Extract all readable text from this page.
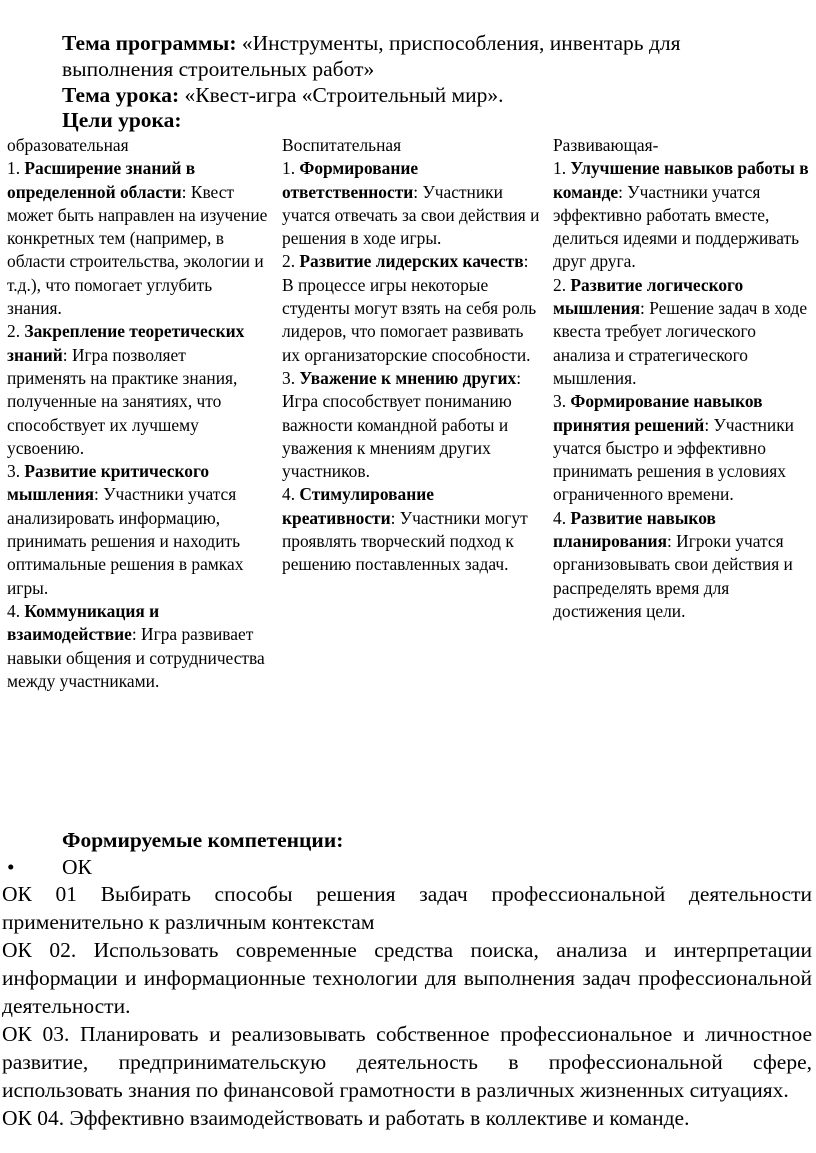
Тема программы: «Инструменты, приспособления, инвентарь для выполнения строительных работ»

Тема урока: «Квест-игра «Строительный мир».

Цели урока:
образовательная
1. Расширение знаний в определенной области: Квест может быть направлен на изучение конкретных тем (например, в области строительства, экологии и т.д.), что помогает углубить знания.
2. Закрепление теоретических знаний: Игра позволяет применять на практике знания, полученные на занятиях, что способствует их лучшему усвоению.
3. Развитие критического мышления: Участники учатся анализировать информацию, принимать решения и находить оптимальные решения в рамках игры.
4. Коммуникация и взаимодействие: Игра развивает навыки общения и сотрудничества между участниками.
Воспитательная
1. Формирование ответственности: Участники учатся отвечать за свои действия и решения в ходе игры.
2. Развитие лидерских качеств: В процессе игры некоторые студенты могут взять на себя роль лидеров, что помогает развивать их организаторские способности.
3. Уважение к мнению других: Игра способствует пониманию важности командной работы и уважения к мнениям других участников.
4. Стимулирование креативности: Участники могут проявлять творческий подход к решению поставленных задач.
Развивающая-
1. Улучшение навыков работы в команде: Участники учатся эффективно работать вместе, делиться идеями и поддерживать друг друга.
2. Развитие логического мышления: Решение задач в ходе квеста требует логического анализа и стратегического мышления.
3. Формирование навыков принятия решений: Участники учатся быстро и эффективно принимать решения в условиях ограниченного времени.
4. Развитие навыков планирования: Игроки учатся организовывать свои действия и распределять время для достижения цели.
Формируемые компетенции:
• ОК

ОК 01 Выбирать способы решения задач профессиональной деятельности применительно к различным контекстам

ОК 02. Использовать современные средства поиска, анализа и интерпретации информации и информационные технологии для выполнения задач профессиональной деятельности.

ОК 03. Планировать и реализовывать собственное профессиональное и личностное развитие, предпринимательскую деятельность в профессиональной сфере, использовать знания по финансовой грамотности в различных жизненных ситуациях.

ОК 04. Эффективно взаимодействовать и работать в коллективе и команде.
